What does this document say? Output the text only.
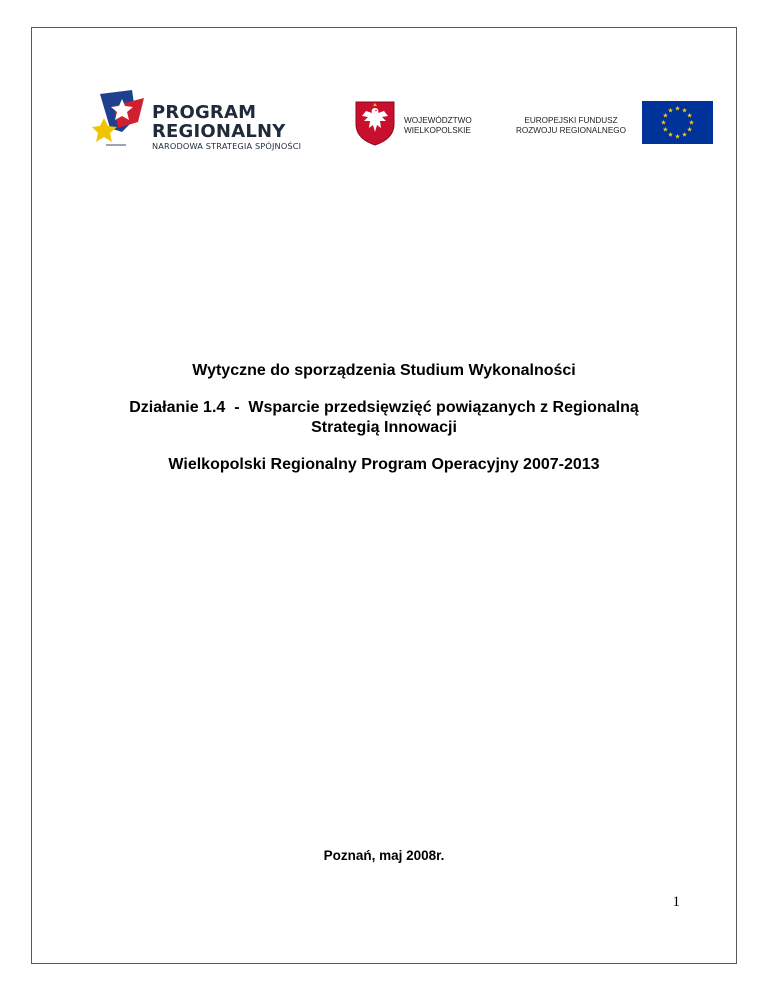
PROGRAM
REGIONALNY
NARODOWA STRATEGIA SPÓJNOŚCI
WOJEWÓDZTWO
WIELKOPOLSKIE
EUROPEJSKI FUNDUSZ
ROZWOJU REGIONALNEGO
Wytyczne do sporządzenia Studium Wykonalności
Działanie 1.4  -  Wsparcie przedsięwzięć powiązanych z Regionalną
Strategią Innowacji
Wielkopolski Regionalny Program Operacyjny 2007-2013
Poznań, maj 2008r.
1
